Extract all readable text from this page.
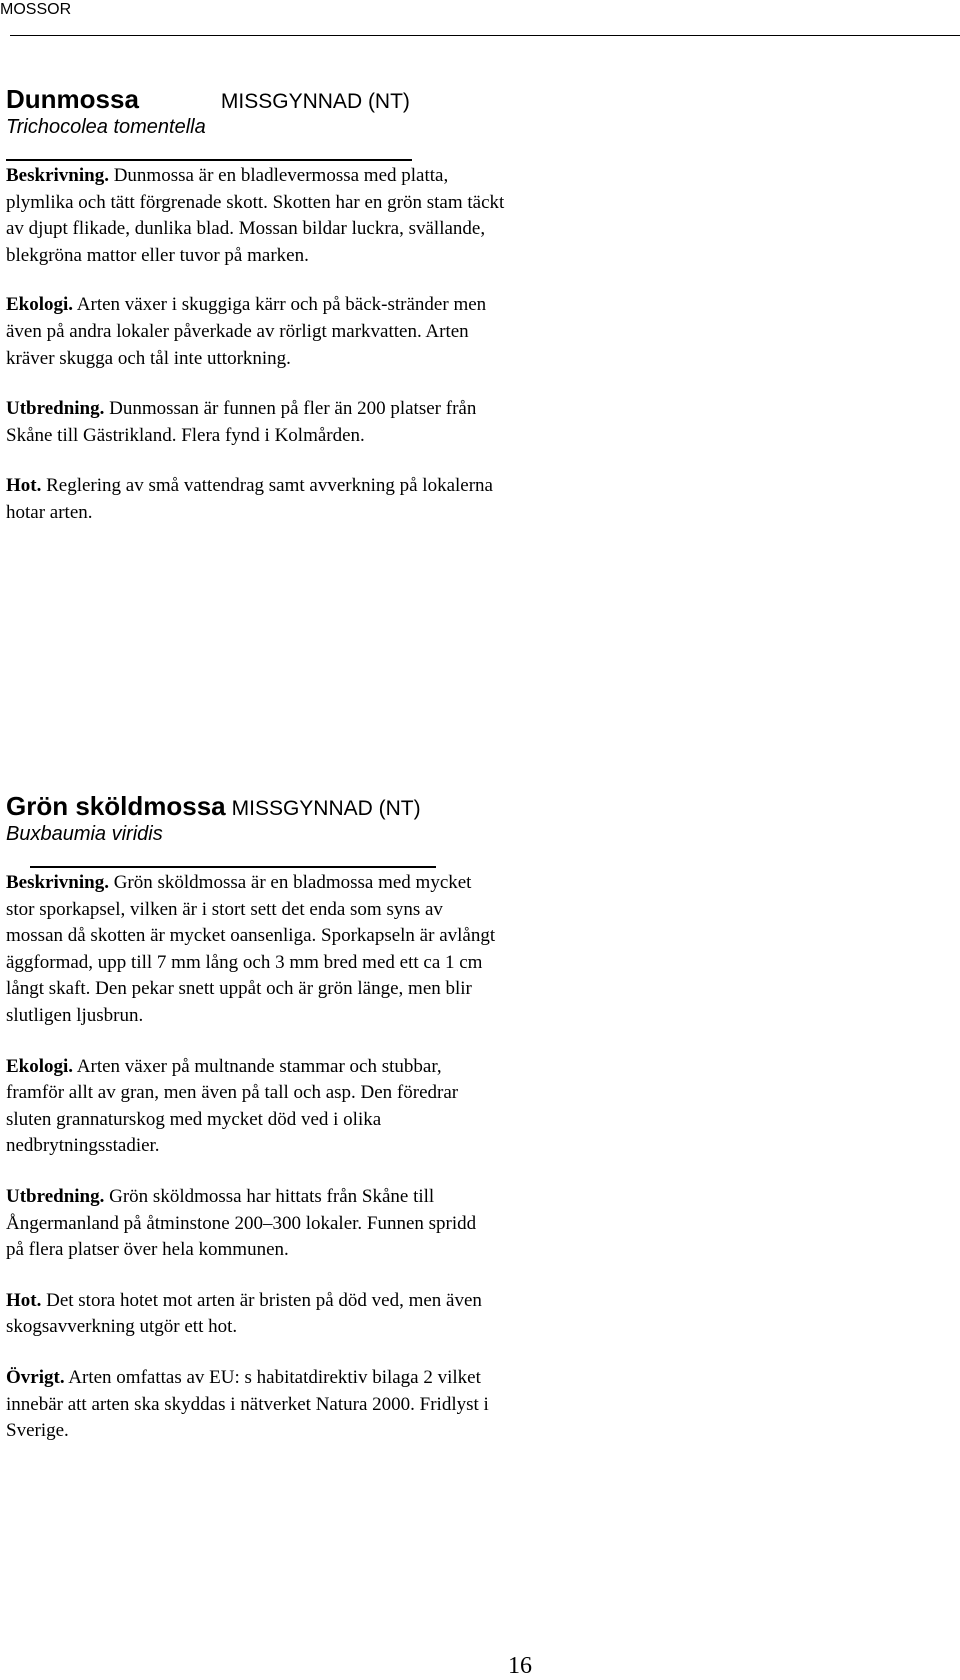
MOSSOR
Dunmossa	MISSGYNNAD (NT)
Trichocolea tomentella

Beskrivning. Dunmossa är en bladlevermossa med platta, plymlika och tätt förgrenade skott. Skotten har en grön stam täckt av djupt flikade, dunlika blad. Mossan bildar luckra, svällande, blekgröna mattor eller tuvor på marken.

Ekologi. Arten växer i skuggiga kärr och på bäck-stränder men även på andra lokaler påverkade av rörligt markvatten. Arten kräver skugga och tål inte uttorkning.

Utbredning. Dunmossan är funnen på fler än 200 platser från Skåne till Gästrikland. Flera fynd i Kolmården.

Hot. Reglering av små vattendrag samt avverkning på lokalerna hotar arten.

Grön sköldmossa MISSGYNNAD (NT)
Buxbaumia viridis

Beskrivning. Grön sköldmossa är en bladmossa med mycket stor sporkapsel, vilken är i stort sett det enda som syns av mossan då skotten är mycket oansenliga. Sporkapseln är avlångt äggformad, upp till 7 mm lång och 3 mm bred med ett ca 1 cm långt skaft. Den pekar snett uppåt och är grön länge, men blir slutligen ljusbrun.

Ekologi. Arten växer på multnande stammar och stubbar, framför allt av gran, men även på tall och asp. Den föredrar sluten grannaturskog med mycket död ved i olika nedbrytningsstadier.

Utbredning. Grön sköldmossa har hittats från Skåne till Ångermanland på åtminstone 200–300 lokaler. Funnen spridd på flera platser över hela kommunen.

Hot. Det stora hotet mot arten är bristen på död ved, men även skogsavverkning utgör ett hot.

Övrigt. Arten omfattas av EU: s habitatdirektiv bilaga 2 vilket innebär att arten ska skyddas i nätverket Natura 2000. Fridlyst i Sverige.

16
